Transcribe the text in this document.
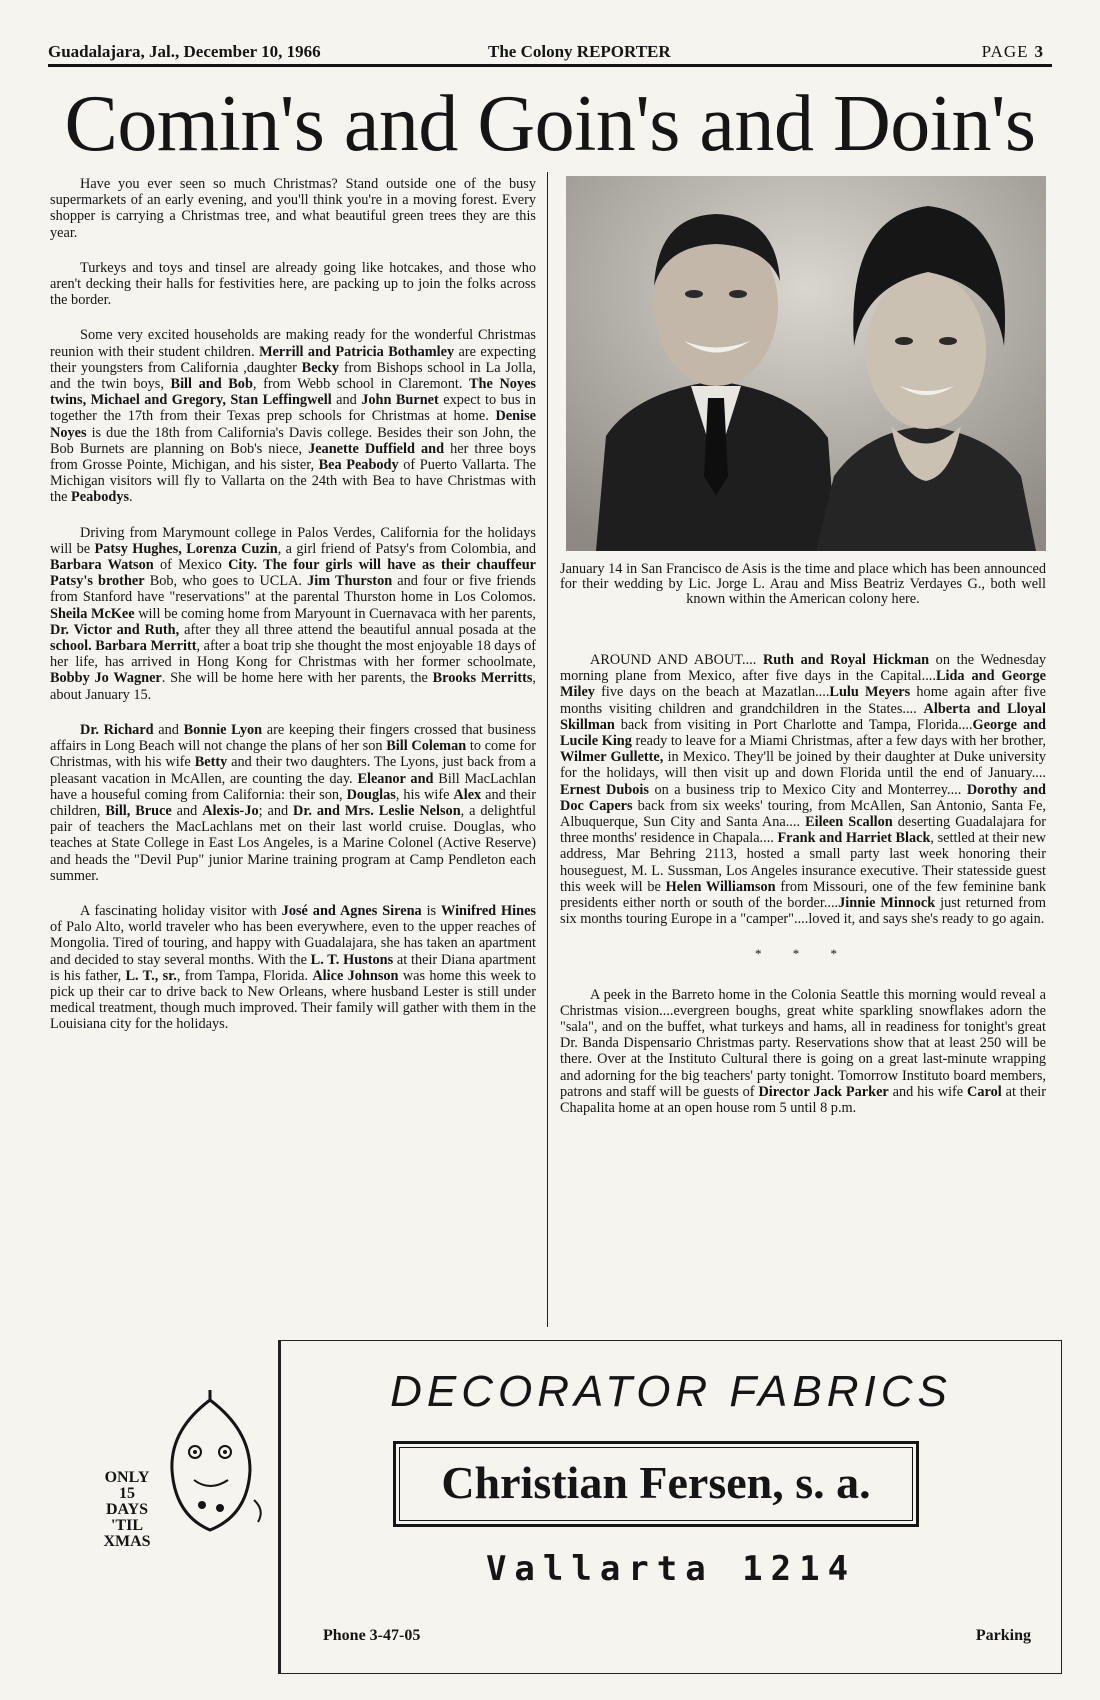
Guadalajara, Jal., December 10, 1966	The Colony REPORTER	PAGE 3
Comin's and Goin's and Doin's

Have you ever seen so much Christmas? Stand outside one of the busy supermarkets of an early evening, and you'll think you're in a moving forest. Every shopper is carrying a Christmas tree, and what beautiful green trees they are this year.

Turkeys and toys and tinsel are already going like hotcakes, and those who aren't decking their halls for festivities here, are packing up to join the folks across the border.

Some very excited households are making ready for the wonderful Christmas reunion with their student children. Merrill and Patricia Bothamley are expecting their youngsters from California ,daughter Becky from Bishops school in La Jolla, and the twin boys, Bill and Bob, from Webb school in Claremont. The Noyes twins, Michael and Gregory, Stan Leffingwell and John Burnet expect to bus in together the 17th from their Texas prep schools for Christmas at home. Denise Noyes is due the 18th from California's Davis college. Besides their son John, the Bob Burnets are planning on Bob's niece, Jeanette Duffield and her three boys from Grosse Pointe, Michigan, and his sister, Bea Peabody of Puerto Vallarta. The Michigan visitors will fly to Vallarta on the 24th with Bea to have Christmas with the Peabodys.

Driving from Marymount college in Palos Verdes, California for the holidays will be Patsy Hughes, Lorenza Cuzin, a girl friend of Patsy's from Colombia, and Barbara Watson of Mexico City. The four girls will have as their chauffeur Patsy's brother Bob, who goes to UCLA. Jim Thurston and four or five friends from Stanford have "reservations" at the parental Thurston home in Los Colomos. Sheila McKee will be coming home from Maryount in Cuernavaca with her parents, Dr. Victor and Ruth, after they all three attend the beautiful annual posada at the school. Barbara Merritt, after a boat trip she thought the most enjoyable 18 days of her life, has arrived in Hong Kong for Christmas with her former schoolmate, Bobby Jo Wagner. She will be home here with her parents, the Brooks Merritts, about January 15.

Dr. Richard and Bonnie Lyon are keeping their fingers crossed that business affairs in Long Beach will not change the plans of her son Bill Coleman to come for Christmas, with his wife Betty and their two daughters. The Lyons, just back from a pleasant vacation in McAllen, are counting the day. Eleanor and Bill MacLachlan have a houseful coming from California: their son, Douglas, his wife Alex and their children, Bill, Bruce and Alexis-Jo; and Dr. and Mrs. Leslie Nelson, a delightful pair of teachers the MacLachlans met on their last world cruise. Douglas, who teaches at State College in East Los Angeles, is a Marine Colonel (Active Reserve) and heads the "Devil Pup" junior Marine training program at Camp Pendleton each summer.

A fascinating holiday visitor with José and Agnes Sirena is Winifred Hines of Palo Alto, world traveler who has been everywhere, even to the upper reaches of Mongolia. Tired of touring, and happy with Guadalajara, she has taken an apartment and decided to stay several months. With the L. T. Hustons at their Diana apartment is his father, L. T., sr., from Tampa, Florida. Alice Johnson was home this week to pick up their car to drive back to New Orleans, where husband Lester is still under medical treatment, though much improved. Their family will gather with them in the Louisiana city for the holidays.

January 14 in San Francisco de Asis is the time and place which has been announced for their wedding by Lic. Jorge L. Arau and Miss Beatriz Verdayes G., both well known within the American colony here.

AROUND AND ABOUT.... Ruth and Royal Hickman on the Wednesday morning plane from Mexico, after five days in the Capital....Lida and George Miley five days on the beach at Mazatlan....Lulu Meyers home again after five months visiting children and grandchildren in the States.... Alberta and Lloyal Skillman back from visiting in Port Charlotte and Tampa, Florida....George and Lucile King ready to leave for a Miami Christmas, after a few days with her brother, Wilmer Gullette, in Mexico. They'll be joined by their daughter at Duke university for the holidays, will then visit up and down Florida until the end of January.... Ernest Dubois on a business trip to Mexico City and Monterrey.... Dorothy and Doc Capers back from six weeks' touring, from McAllen, San Antonio, Santa Fe, Albuquerque, Sun City and Santa Ana.... Eileen Scallon deserting Guadalajara for three months' residence in Chapala.... Frank and Harriet Black, settled at their new address, Mar Behring 2113, hosted a small party last week honoring their houseguest, M. L. Sussman, Los Angeles insurance executive. Their statesside guest this week will be Helen Williamson from Missouri, one of the few feminine bank presidents either north or south of the border....Jinnie Minnock just returned from six months touring Europe in a "camper"....loved it, and says she's ready to go again.

* * *

A peek in the Barreto home in the Colonia Seattle this morning would reveal a Christmas vision....evergreen boughs, great white sparkling snowflakes adorn the "sala", and on the buffet, what turkeys and hams, all in readiness for tonight's great Dr. Banda Dispensario Christmas party. Reservations show that at least 250 will be there. Over at the Instituto Cultural there is going on a great last-minute wrapping and adorning for the big teachers' party tonight. Tomorrow Instituto board members, patrons and staff will be guests of Director Jack Parker and his wife Carol at their Chapalita home at an open house rom 5 until 8 p.m.

ONLY
15
DAYS
'TIL
XMAS
DECORATOR FABRICS
Christian Fersen, s. a.
Vallarta 1214
Phone 3-47-05	Parking
